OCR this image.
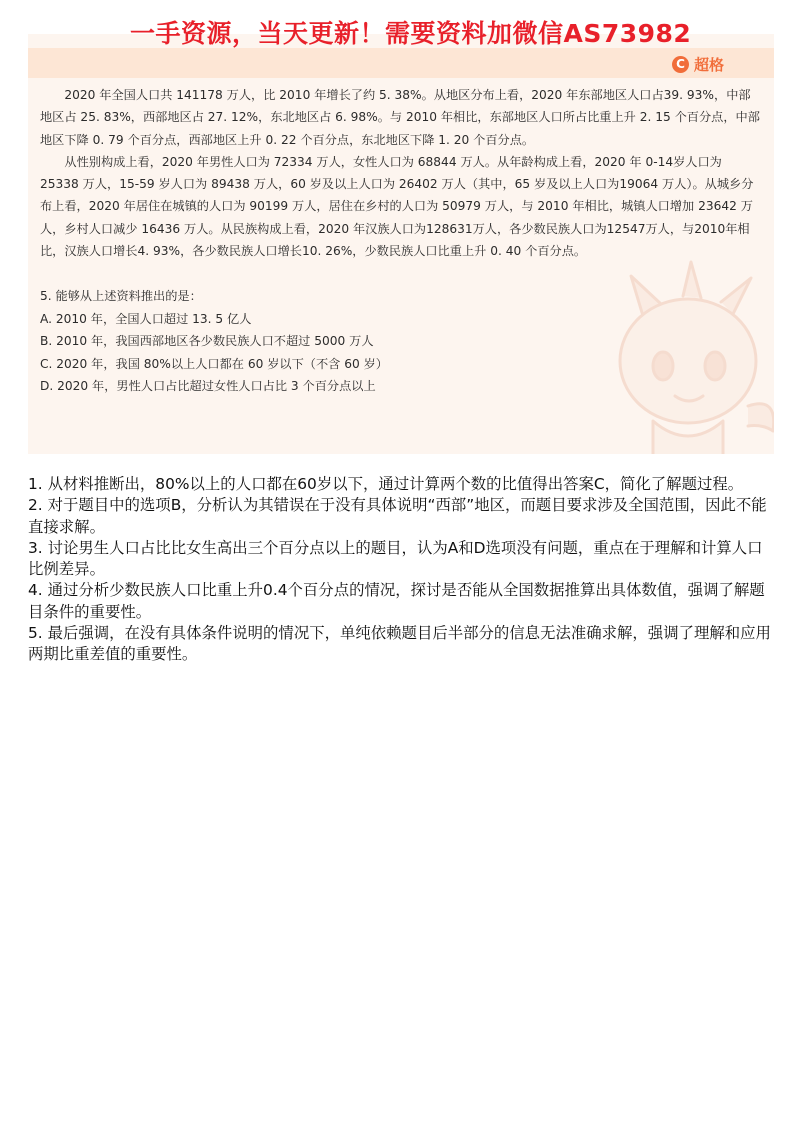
C 超格

2020 年全国人口共 141178 万人，比 2010 年增长了约 5. 38%。从地区分布上看，2020 年东部地区人口占39. 93%，中部地区占 25. 83%，西部地区占 27. 12%，东北地区占 6. 98%。与 2010 年相比，东部地区人口所占比重上升 2. 15 个百分点，中部地区下降 0. 79 个百分点，西部地区上升 0. 22 个百分点，东北地区下降 1. 20 个百分点。

从性别构成上看，2020 年男性人口为 72334 万人，女性人口为 68844 万人。从年龄构成上看，2020 年 0-14岁人口为 25338 万人，15-59 岁人口为 89438 万人，60 岁及以上人口为 26402 万人（其中，65 岁及以上人口为19064 万人）。从城乡分布上看，2020 年居住在城镇的人口为 90199 万人，居住在乡村的人口为 50979 万人，与 2010 年相比，城镇人口增加 23642 万人，乡村人口减少 16436 万人。从民族构成上看，2020 年汉族人口为128631万人，各少数民族人口为12547万人，与2010年相比，汉族人口增长4. 93%，各少数民族人口增长10. 26%，少数民族人口比重上升 0. 40 个百分点。

5. 能够从上述资料推出的是：
A. 2010 年，全国人口超过 13. 5 亿人
B. 2010 年，我国西部地区各少数民族人口不超过 5000 万人
C. 2020 年，我国 80%以上人口都在 60 岁以下（不含 60 岁）
D. 2020 年，男性人口占比超过女性人口占比 3 个百分点以上
一手资源，当天更新！需要资料加微信AS73982

1. 从材料推断出，80%以上的人口都在60岁以下，通过计算两个数的比值得出答案C，简化了解题过程。

2. 对于题目中的选项B，分析认为其错误在于没有具体说明“西部”地区，而题目要求涉及全国范围，因此不能直接求解。

3. 讨论男生人口占比比女生高出三个百分点以上的题目，认为A和D选项没有问题，重点在于理解和计算人口比例差异。

4. 通过分析少数民族人口比重上升0.4个百分点的情况，探讨是否能从全国数据推算出具体数值，强调了解题目条件的重要性。

5. 最后强调，在没有具体条件说明的情况下，单纯依赖题目后半部分的信息无法准确求解，强调了理解和应用两期比重差值的重要性。
